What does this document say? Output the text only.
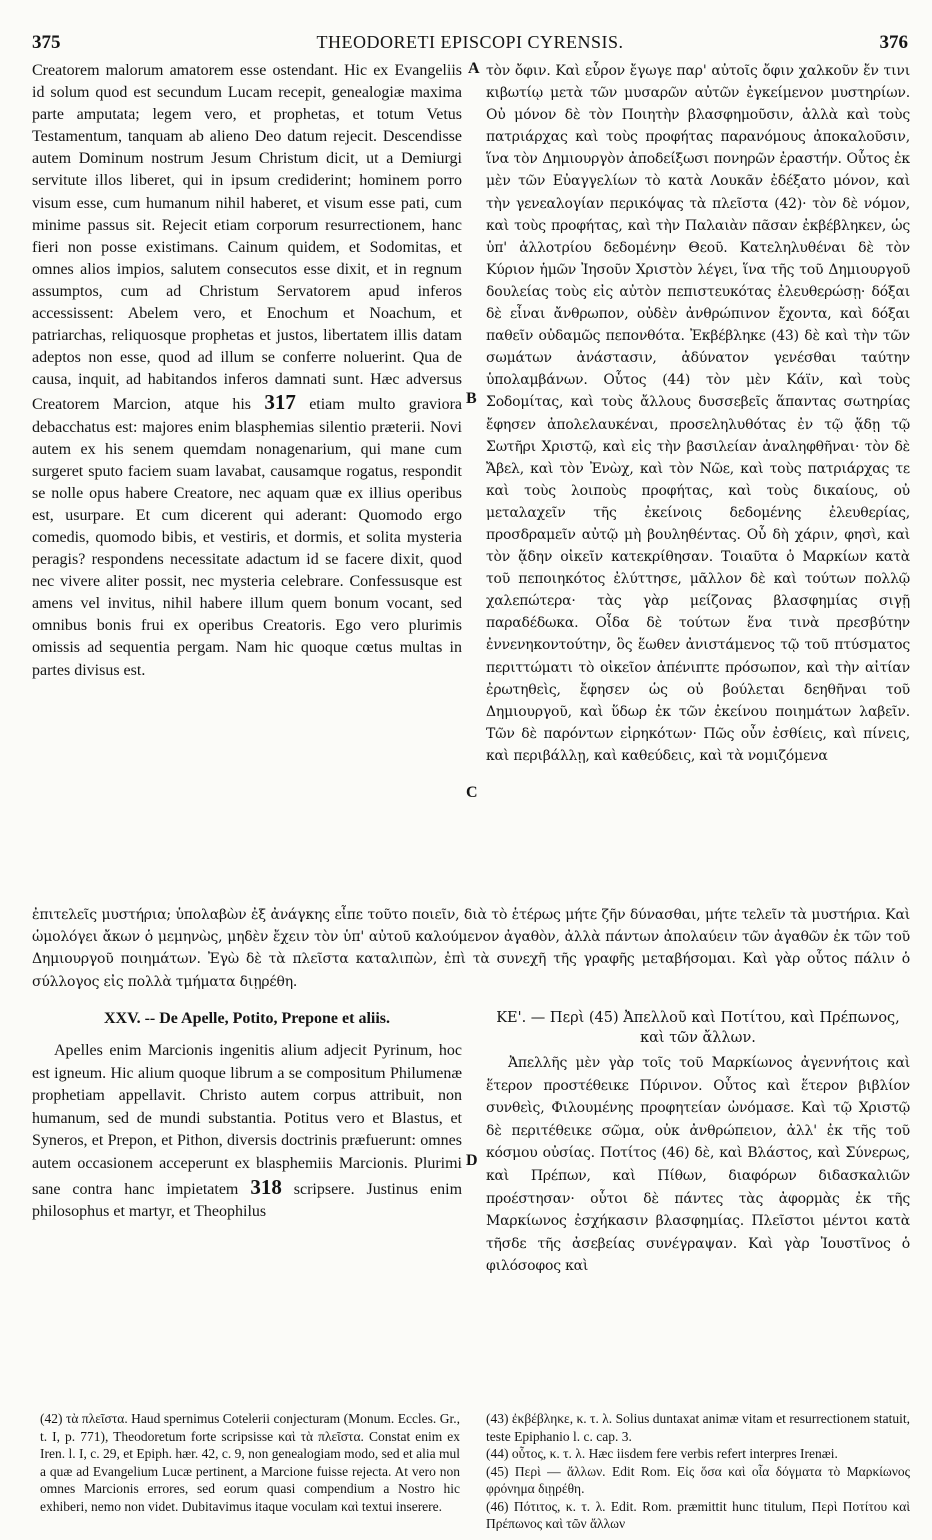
375	THEODORETI EPISCOPI CYRENSIS.	376

Creatorem malorum amatorem esse ostendant. Hic ex Evangeliis id solum quod est secundum Lucam recepit, genealogiæ maxima parte amputata; legem vero, et prophetas, et totum Vetus Testamentum, tanquam ab alieno Deo datum rejecit. Descendisse autem Dominum nostrum Jesum Christum dicit, ut a Demiurgi servitute illos liberet, qui in ipsum crediderint; hominem porro visum esse, cum humanum nihil haberet, et visum esse pati, cum minime passus sit. Rejecit etiam corporum resurrectionem, hanc fieri non posse existimans. Cainum quidem, et Sodomitas, et omnes alios impios, salutem consecutos esse dixit, et in regnum assumptos, cum ad Christum Servatorem apud inferos accessissent: Abelem vero, et Enochum et Noachum, et patriarchas, reliquosque prophetas et justos, libertatem illis datam adeptos non esse, quod ad illum se conferre noluerint. Qua de causa, inquit, ad habitandos inferos damnati sunt. Hæc adversus Creatorem Marcion, atque his 317 etiam multo graviora debacchatus est: majores enim blasphemias silentio præterii. Novi autem ex his senem quemdam nonagenarium, qui mane cum surgeret sputo faciem suam lavabat, causamque rogatus, respondit se nolle opus habere Creatore, nec aquam quæ ex illius operibus est, usurpare. Et cum dicerent qui aderant: Quomodo ergo comedis, quomodo bibis, et vestiris, et dormis, et solita mysteria peragis? respondens necessitate adactum id se facere dixit, quod nec vivere aliter possit, nec mysteria celebrare. Confessusque est amens vel invitus, nihil habere illum quem bonum vocant, sed omnibus bonis frui ex operibus Creatoris. Ego vero plurimis omissis ad sequentia pergam. Nam hic quoque cœtus multas in partes divisus est.

A
B
C
D

τὸν ὄφιν. Καὶ εὗρον ἔγωγε παρ' αὐτοῖς ὄφιν χαλκοῦν ἔν τινι κιβωτίῳ μετὰ τῶν μυσαρῶν αὐτῶν ἐγκείμενον μυστηρίων. Οὐ μόνον δὲ τὸν Ποιητὴν βλασφημοῦσιν, ἀλλὰ καὶ τοὺς πατριάρχας καὶ τοὺς προφήτας παρανόμους ἀποκαλοῦσιν, ἵνα τὸν Δημιουργὸν ἀποδείξωσι πονηρῶν ἐραστήν. Οὗτος ἐκ μὲν τῶν Εὐαγγελίων τὸ κατὰ Λουκᾶν ἐδέξατο μόνον, καὶ τὴν γενεαλογίαν περικόψας τὰ πλεῖστα (42)· τὸν δὲ νόμον, καὶ τοὺς προφήτας, καὶ τὴν Παλαιὰν πᾶσαν ἐκβέβληκεν, ὡς ὑπ' ἀλλοτρίου δεδομένην Θεοῦ. Κατεληλυθέναι δὲ τὸν Κύριον ἡμῶν Ἰησοῦν Χριστὸν λέγει, ἵνα τῆς τοῦ Δημιουργοῦ δουλείας τοὺς εἰς αὐτὸν πεπιστευκότας ἐλευθερώσῃ· δόξαι δὲ εἶναι ἄνθρωπον, οὐδὲν ἀνθρώπινον ἔχοντα, καὶ δόξαι παθεῖν οὐδαμῶς πεπονθότα. Ἐκβέβληκε (43) δὲ καὶ τὴν τῶν σωμάτων ἀνάστασιν, ἀδύνατον γενέσθαι ταύτην ὑπολαμβάνων. Οὗτος (44) τὸν μὲν Κάϊν, καὶ τοὺς Σοδομίτας, καὶ τοὺς ἄλλους δυσσεβεῖς ἅπαντας σωτηρίας ἔφησεν ἀπολελαυκέναι, προσεληλυθότας ἐν τῷ ᾅδῃ τῷ Σωτῆρι Χριστῷ, καὶ εἰς τὴν βασιλείαν ἀναληφθῆναι· τὸν δὲ Ἄβελ, καὶ τὸν Ἐνὼχ, καὶ τὸν Νῶε, καὶ τοὺς πατριάρχας τε καὶ τοὺς λοιποὺς προφήτας, καὶ τοὺς δικαίους, οὐ μεταλαχεῖν τῆς ἐκείνοις δεδομένης ἐλευθερίας, προσδραμεῖν αὐτῷ μὴ βουληθέντας. Οὗ δὴ χάριν, φησὶ, καὶ τὸν ᾅδην οἰκεῖν κατεκρίθησαν. Τοιαῦτα ὁ Μαρκίων κατὰ τοῦ πεποιηκότος ἐλύττησε, μᾶλλον δὲ καὶ τούτων πολλῷ χαλεπώτερα· τὰς γὰρ μείζονας βλασφημίας σιγῇ παραδέδωκα. Οἶδα δὲ τούτων ἕνα τινὰ πρεσβύτην ἐννενηκοντούτην, ὃς ἕωθεν ἀνιστάμενος τῷ τοῦ πτύσματος περιττώματι τὸ οἰκεῖον ἀπένιπτε πρόσωπον, καὶ τὴν αἰτίαν ἐρωτηθεὶς, ἔφησεν ὡς οὐ βούλεται δεηθῆναι τοῦ Δημιουργοῦ, καὶ ὕδωρ ἐκ τῶν ἐκείνου ποιημάτων λαβεῖν. Τῶν δὲ παρόντων εἰρηκότων· Πῶς οὖν ἐσθίεις, καὶ πίνεις, καὶ περιβάλλῃ, καὶ καθεύδεις, καὶ τὰ νομιζόμενα

ἐπιτελεῖς μυστήρια; ὑπολαβὼν ἐξ ἀνάγκης εἶπε τοῦτο ποιεῖν, διὰ τὸ ἑτέρως μήτε ζῆν δύνασθαι, μήτε τελεῖν τὰ μυστήρια. Καὶ ὡμολόγει ἄκων ὁ μεμηνὼς, μηδὲν ἔχειν τὸν ὑπ' αὐτοῦ καλούμενον ἀγαθὸν, ἀλλὰ πάντων ἀπολαύειν τῶν ἀγαθῶν ἐκ τῶν τοῦ Δημιουργοῦ ποιημάτων. Ἐγὼ δὲ τὰ πλεῖστα καταλιπὼν, ἐπὶ τὰ συνεχῆ τῆς γραφῆς μεταβήσομαι. Καὶ γὰρ οὗτος πάλιν ὁ σύλλογος εἰς πολλὰ τμήματα διῃρέθη.

XXV. -- De Apelle, Potito, Prepone et aliis.

Apelles enim Marcionis ingenitis alium adjecit Pyrinum, hoc est igneum. Hic alium quoque librum a se compositum Philumenæ prophetiam appellavit. Christo autem corpus attribuit, non humanum, sed de mundi substantia. Potitus vero et Blastus, et Syneros, et Prepon, et Pithon, diversis doctrinis præfuerunt: omnes autem occasionem acceperunt ex blasphemiis Marcionis. Plurimi sane contra hanc impietatem 318 scripsere. Justinus enim philosophus et martyr, et Theophilus

ΚΕ'. — Περὶ (45) Ἀπελλοῦ καὶ Ποτίτου, καὶ Πρέπωνος, καὶ τῶν ἄλλων.

Ἀπελλῆς μὲν γὰρ τοῖς τοῦ Μαρκίωνος ἀγεννήτοις καὶ ἕτερον προστέθεικε Πύρινον. Οὗτος καὶ ἕτερον βιβλίον συνθεὶς, Φιλουμένης προφητείαν ὠνόμασε. Καὶ τῷ Χριστῷ δὲ περιτέθεικε σῶμα, οὐκ ἀνθρώπειον, ἀλλ' ἐκ τῆς τοῦ κόσμου οὐσίας. Ποτίτος (46) δὲ, καὶ Βλάστος, καὶ Σύνερως, καὶ Πρέπων, καὶ Πίθων, διαφόρων διδασκαλιῶν προέστησαν· οὗτοι δὲ πάντες τὰς ἀφορμὰς ἐκ τῆς Μαρκίωνος ἐσχήκασιν βλασφημίας. Πλεῖστοι μέντοι κατὰ τῆσδε τῆς ἀσεβείας συνέγραψαν. Καὶ γὰρ Ἰουστῖνος ὁ φιλόσοφος καὶ

(42) τὰ πλεῖστα. Haud spernimus Cotelerii conjecturam (Monum. Eccles. Gr., t. I, p. 771), Theodoretum forte scripsisse καὶ τὰ πλεῖστα. Constat enim ex Iren. l. I, c. 29, et Epiph. hær. 42, c. 9, non genealogiam modo, sed et alia mul a quæ ad Evangelium Lucæ pertinent, a Marcione fuisse rejecta. At vero non omnes Marcionis errores, sed eorum quasi compendium a Nostro hic exhiberi, nemo non videt. Dubitavimus itaque voculam καὶ textui inserere.

(43) ἐκβέβληκε, κ. τ. λ. Solius duntaxat animæ vitam et resurrectionem statuit, teste Epiphanio l. c. cap. 3.

(44) οὗτος, κ. τ. λ. Hæc iisdem fere verbis refert interpres Irenæi.

(45) Περὶ — ἄλλων. Edit Rom. Εἰς ὅσα καὶ οἷα δόγματα τὸ Μαρκίωνος φρόνημα διῃρέθη.

(46) Πότιτος, κ. τ. λ. Edit. Rom. præmittit hunc titulum, Περὶ Ποτίτου καὶ Πρέπωνος καὶ τῶν ἄλλων
